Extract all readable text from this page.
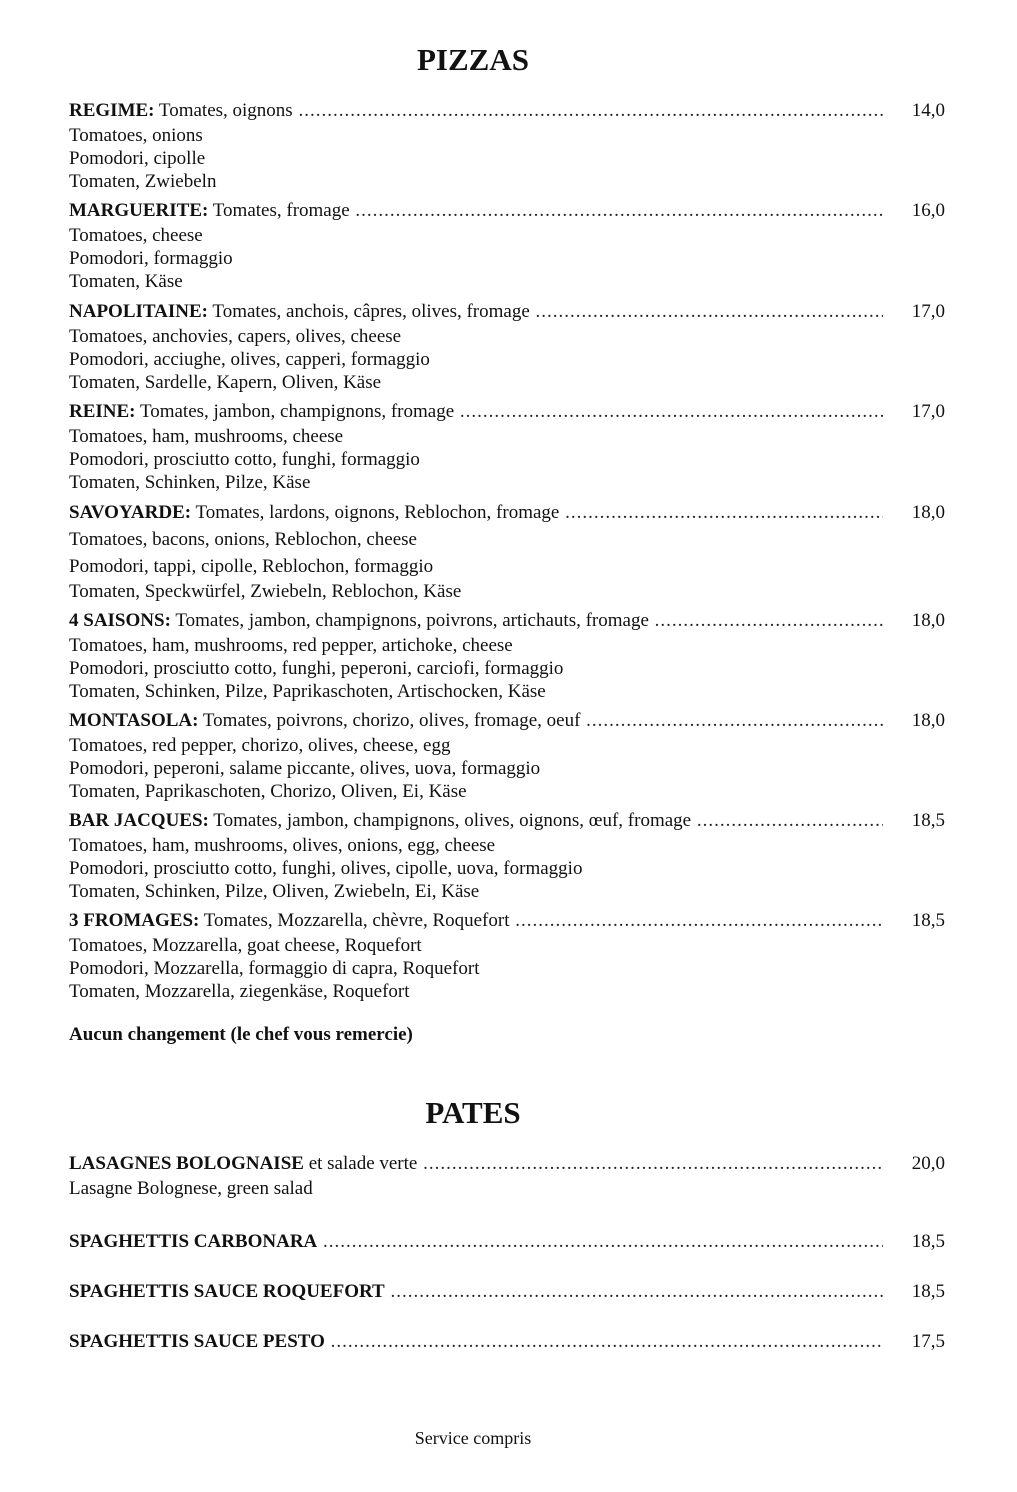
PIZZAS
REGIME: Tomates, oignons .....	14,0
Tomatoes, onions
Pomodori, cipolle
Tomaten, Zwiebeln
MARGUERITE: Tomates, fromage .....	16,0
Tomatoes, cheese
Pomodori, formaggio
Tomaten, Käse
NAPOLITAINE: Tomates, anchois, câpres, olives, fromage .....	17,0
Tomatoes, anchovies, capers, olives, cheese
Pomodori, acciughe, olives, capperi, formaggio
Tomaten, Sardelle, Kapern, Oliven, Käse
REINE: Tomates, jambon, champignons, fromage .....	17,0
Tomatoes, ham, mushrooms, cheese
Pomodori, prosciutto cotto, funghi, formaggio
Tomaten, Schinken, Pilze, Käse
SAVOYARDE: Tomates, lardons, oignons, Reblochon, fromage .....	18,0
Tomatoes, bacons, onions, Reblochon, cheese
Pomodori, tappi, cipolle, Reblochon, formaggio
Tomaten, Speckwürfel, Zwiebeln, Reblochon, Käse
4 SAISONS: Tomates, jambon, champignons, poivrons, artichauts, fromage .....	18,0
Tomatoes, ham, mushrooms, red pepper, artichoke, cheese
Pomodori, prosciutto cotto, funghi, peperoni, carciofi, formaggio
Tomaten, Schinken, Pilze, Paprikaschoten, Artischocken, Käse
MONTASOLA: Tomates, poivrons, chorizo, olives, fromage, oeuf .....	18,0
Tomatoes, red pepper, chorizo, olives, cheese, egg
Pomodori, peperoni, salame piccante, olives, uova, formaggio
Tomaten, Paprikaschoten, Chorizo, Oliven, Ei, Käse
BAR JACQUES: Tomates, jambon, champignons, olives, oignons, œuf, fromage .....	18,5
Tomatoes, ham, mushrooms, olives, onions, egg, cheese
Pomodori, prosciutto cotto, funghi, olives, cipolle, uova, formaggio
Tomaten, Schinken, Pilze, Oliven, Zwiebeln, Ei, Käse
3 FROMAGES: Tomates, Mozzarella, chèvre, Roquefort .....	18,5
Tomatoes, Mozzarella, goat cheese, Roquefort
Pomodori, Mozzarella, formaggio di capra, Roquefort
Tomaten, Mozzarella, ziegenkäse, Roquefort
Aucun changement (le chef vous remercie)
PATES
LASAGNES BOLOGNAISE et salade verte .....	20,0
Lasagne Bolognese, green salad
SPAGHETTIS CARBONARA .....	18,5
SPAGHETTIS SAUCE ROQUEFORT .....	18,5
SPAGHETTIS SAUCE PESTO .....	17,5
Service compris
